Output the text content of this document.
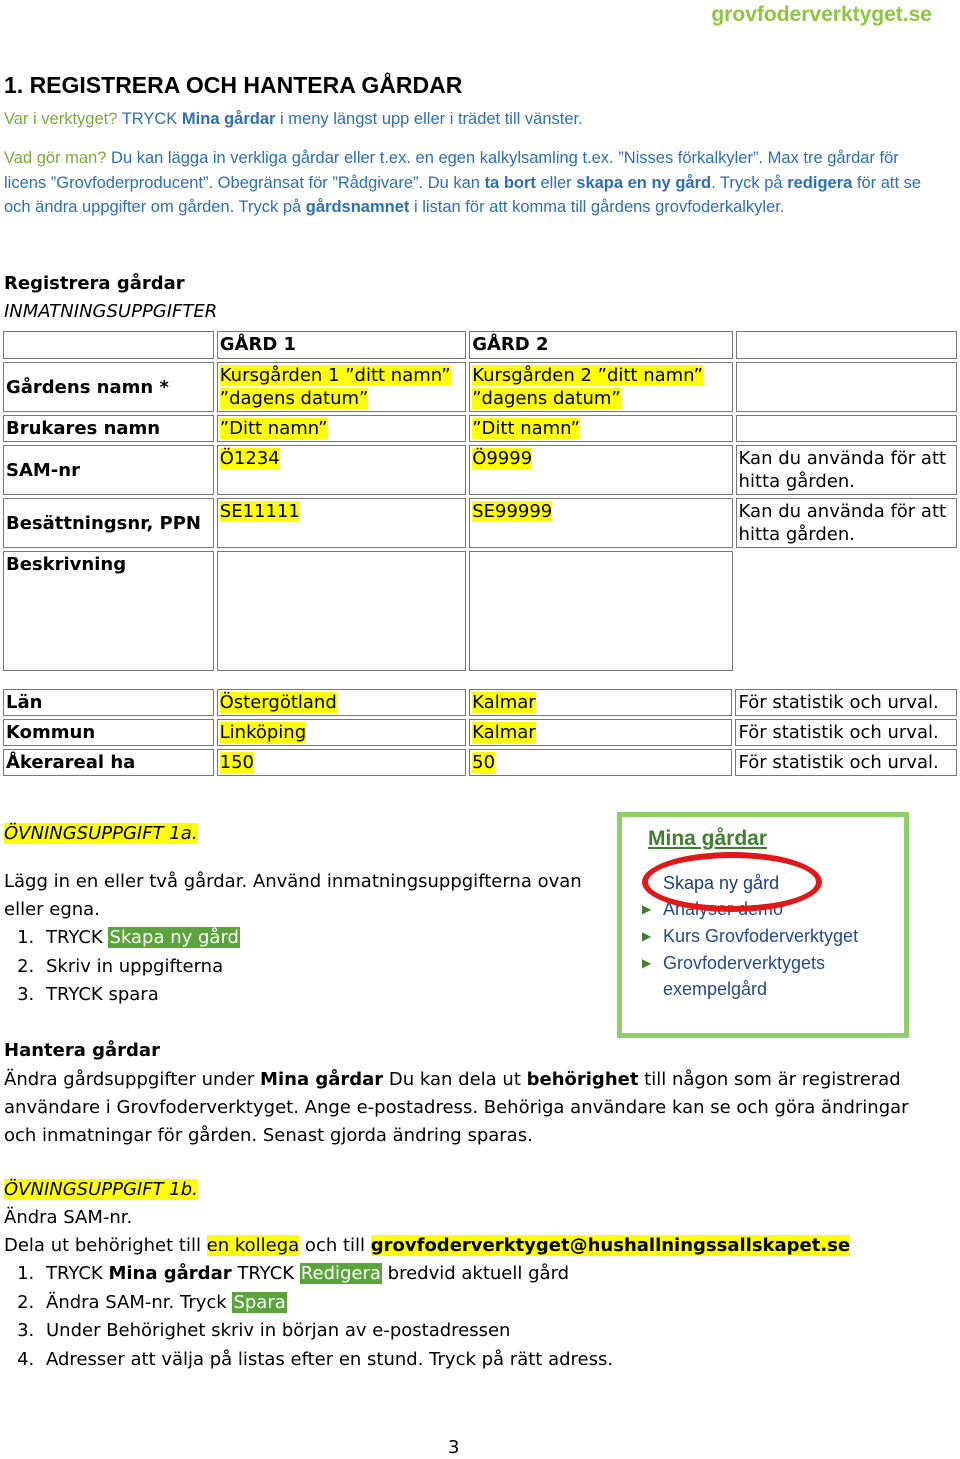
grovfoderverktyget.se
1. REGISTRERA OCH HANTERA GÅRDAR
Var i verktyget? TRYCK Mina gårdar i meny längst upp eller i trädet till vänster.
Vad gör man? Du kan lägga in verkliga gårdar eller t.ex. en egen kalkylsamling t.ex. ”Nisses förkalkyler”. Max tre gårdar för licens ”Grovfoderproducent”. Obegränsat för ”Rådgivare”. Du kan ta bort eller skapa en ny gård. Tryck på redigera för att se och ändra uppgifter om gården. Tryck på gårdsnamnet i listan för att komma till gårdens grovfoderkalkyler.
Registrera gårdar
INMATNINGSUPPGIFTER
	GÅRD 1	GÅRD 2	
Gårdens namn *	Kursgården 1 ”ditt namn” ”dagens datum”	Kursgården 2 ”ditt namn” ”dagens datum”	
Brukares namn	”Ditt namn”	”Ditt namn”	
SAM-nr	Ö1234	Ö9999	Kan du använda för att hitta gården.
Besättningsnr, PPN	SE11111	SE99999	Kan du använda för att hitta gården.
Beskrivning			
Län	Östergötland	Kalmar	För statistik och urval.
Kommun	Linköping	Kalmar	För statistik och urval.
Åkerareal ha	150	50	För statistik och urval.
ÖVNINGSUPPGIFT 1a.
Lägg in en eller två gårdar. Använd inmatningsuppgifterna ovan eller egna.
1. TRYCK Skapa ny gård
2. Skriv in uppgifterna
3. TRYCK spara
Mina gårdar
Skapa ny gård
▶ Analyser demo
▶ Kurs Grovfoderverktyget
▶ Grovfoderverktygets
exempelgård
Hantera gårdar
Ändra gårdsuppgifter under Mina gårdar Du kan dela ut behörighet till någon som är registrerad användare i Grovfoderverktyget. Ange e-postadress. Behöriga användare kan se och göra ändringar och inmatningar för gården. Senast gjorda ändring sparas.
ÖVNINGSUPPGIFT 1b.
Ändra SAM-nr.
Dela ut behörighet till en kollega och till grovfoderverktyget@hushallningssallskapet.se
1. TRYCK Mina gårdar TRYCK Redigera bredvid aktuell gård
2. Ändra SAM-nr. Tryck Spara
3. Under Behörighet skriv in början av e-postadressen
4. Adresser att välja på listas efter en stund. Tryck på rätt adress.
3
